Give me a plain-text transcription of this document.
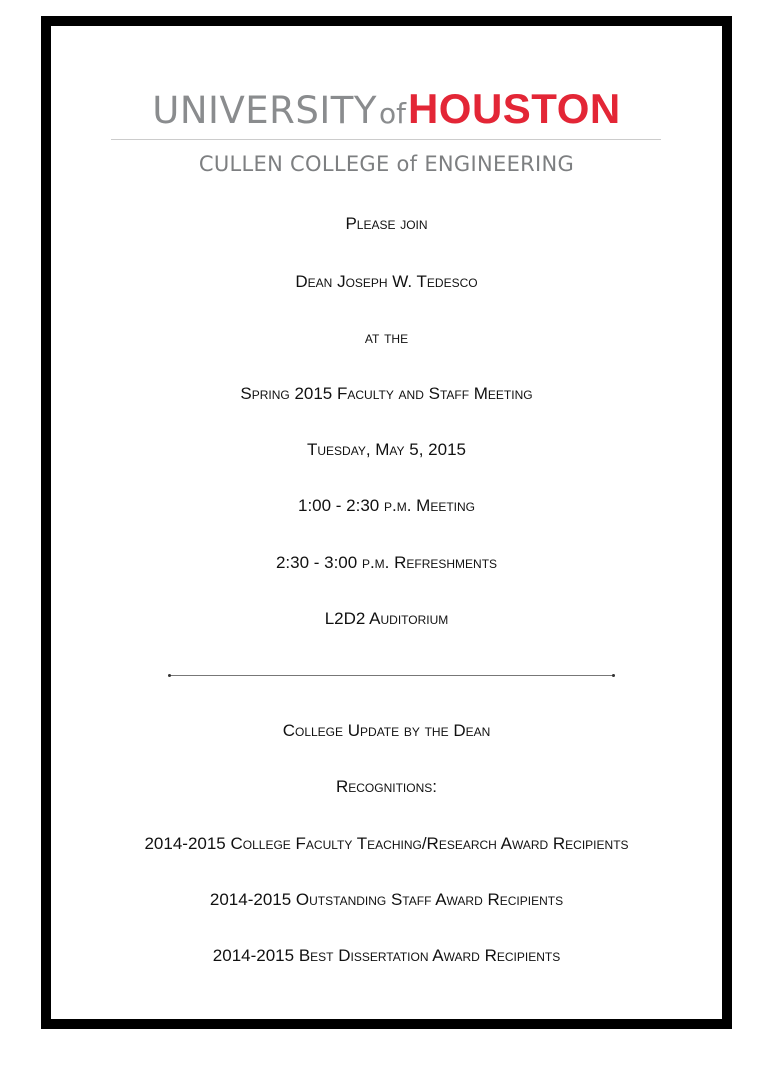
UNIVERSITYofHOUSTON
CULLEN COLLEGE of ENGINEERING
Please join
Dean Joseph W. Tedesco
at the
Spring 2015 Faculty and Staff Meeting
Tuesday, May 5, 2015
1:00 - 2:30 p.m. Meeting
2:30 - 3:00 p.m. Refreshments
L2D2 Auditorium
College Update by the Dean
Recognitions:
2014-2015 College Faculty Teaching/Research Award Recipients
2014-2015 Outstanding Staff Award Recipients
2014-2015 Best Dissertation Award Recipients
